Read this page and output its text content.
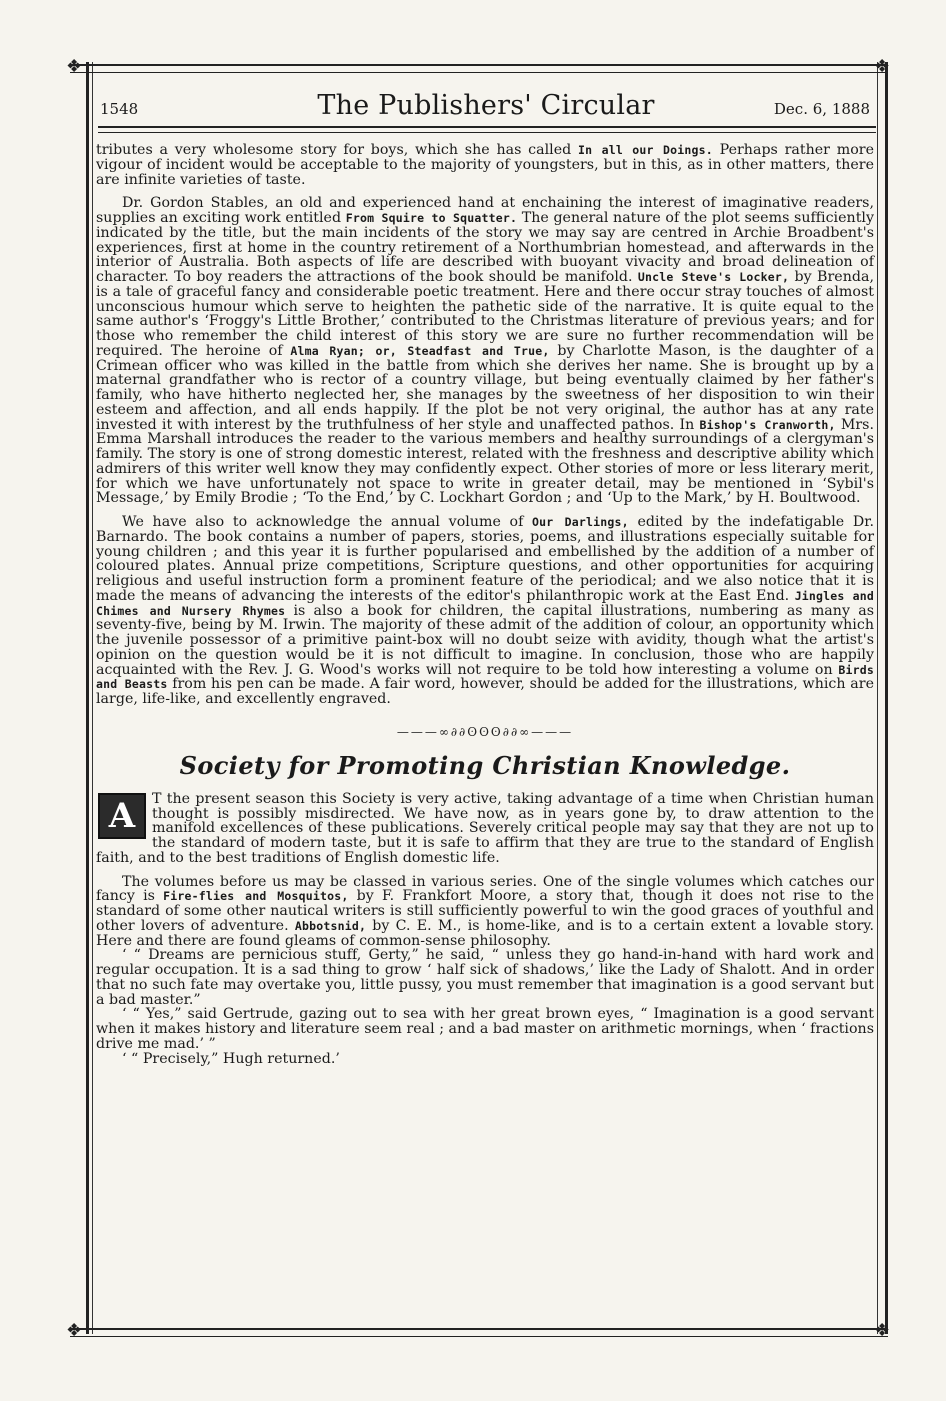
❖	❖
❖	❖
1548	The Publishers' Circular	Dec. 6, 1888

tributes a very wholesome story for boys, which she has called In all our Doings. Perhaps rather more vigour of incident would be acceptable to the majority of youngsters, but in this, as in other matters, there are infinite varieties of taste.

Dr. Gordon Stables, an old and experienced hand at enchaining the interest of imaginative readers, supplies an exciting work entitled From Squire to Squatter. The general nature of the plot seems sufficiently indicated by the title, but the main incidents of the story we may say are centred in Archie Broadbent's experiences, first at home in the country retirement of a Northumbrian homestead, and afterwards in the interior of Australia. Both aspects of life are described with buoyant vivacity and broad delineation of character. To boy readers the attractions of the book should be manifold. Uncle Steve's Locker, by Brenda, is a tale of graceful fancy and considerable poetic treatment. Here and there occur stray touches of almost unconscious humour which serve to heighten the pathetic side of the narrative. It is quite equal to the same author's ‘Froggy's Little Brother,’ contributed to the Christmas literature of previous years; and for those who remember the child interest of this story we are sure no further recommendation will be required. The heroine of Alma Ryan; or, Steadfast and True, by Charlotte Mason, is the daughter of a Crimean officer who was killed in the battle from which she derives her name. She is brought up by a maternal grandfather who is rector of a country village, but being eventually claimed by her father's family, who have hitherto neglected her, she manages by the sweetness of her disposition to win their esteem and affection, and all ends happily. If the plot be not very original, the author has at any rate invested it with interest by the truthfulness of her style and unaffected pathos. In Bishop's Cranworth, Mrs. Emma Marshall introduces the reader to the various members and healthy surroundings of a clergyman's family. The story is one of strong domestic interest, related with the freshness and descriptive ability which admirers of this writer well know they may confidently expect. Other stories of more or less literary merit, for which we have unfortunately not space to write in greater detail, may be mentioned in ‘Sybil's Message,’ by Emily Brodie ; ‘To the End,’ by C. Lockhart Gordon ; and ‘Up to the Mark,’ by H. Boultwood.

We have also to acknowledge the annual volume of Our Darlings, edited by the indefatigable Dr. Barnardo. The book contains a number of papers, stories, poems, and illustrations especially suitable for young children ; and this year it is further popularised and embellished by the addition of a number of coloured plates. Annual prize competitions, Scripture questions, and other opportunities for acquiring religious and useful instruction form a prominent feature of the periodical; and we also notice that it is made the means of advancing the interests of the editor's philanthropic work at the East End. Jingles and Chimes and Nursery Rhymes is also a book for children, the capital illustrations, numbering as many as seventy-five, being by M. Irwin. The majority of these admit of the addition of colour, an opportunity which the juvenile possessor of a primitive paint-box will no doubt seize with avidity, though what the artist's opinion on the question would be it is not difficult to imagine. In conclusion, those who are happily acquainted with the Rev. J. G. Wood's works will not require to be told how interesting a volume on Birds and Beasts from his pen can be made. A fair word, however, should be added for the illustrations, which are large, life-like, and excellently engraved.

———∞∂∂ʘʘʘ∂∂∞———
Society for Promoting Christian Knowledge.

A	T the present season this Society is very active, taking advantage of a time when Christian human thought is possibly misdirected. We have now, as in years gone by, to draw attention to the manifold excellences of these publications. Severely critical people may say that they are not up to the standard of modern taste, but it is safe to affirm that they are true to the standard of English faith, and to the best traditions of English domestic life.

The volumes before us may be classed in various series. One of the single volumes which catches our fancy is Fire-flies and Mosquitos, by F. Frankfort Moore, a story that, though it does not rise to the standard of some other nautical writers is still sufficiently powerful to win the good graces of youthful and other lovers of adventure. Abbotsnid, by C. E. M., is home-like, and is to a certain extent a lovable story. Here and there are found gleams of common-sense philosophy.

‘ “ Dreams are pernicious stuff, Gerty,” he said, “ unless they go hand-in-hand with hard work and regular occupation. It is a sad thing to grow ‘ half sick of shadows,’ like the Lady of Shalott. And in order that no such fate may overtake you, little pussy, you must remember that imagination is a good servant but a bad master.”

‘ “ Yes,” said Gertrude, gazing out to sea with her great brown eyes, “ Imagination is a good servant when it makes history and literature seem real ; and a bad master on arithmetic mornings, when ‘ fractions drive me mad.’ ”

‘ “ Precisely,” Hugh returned.’
